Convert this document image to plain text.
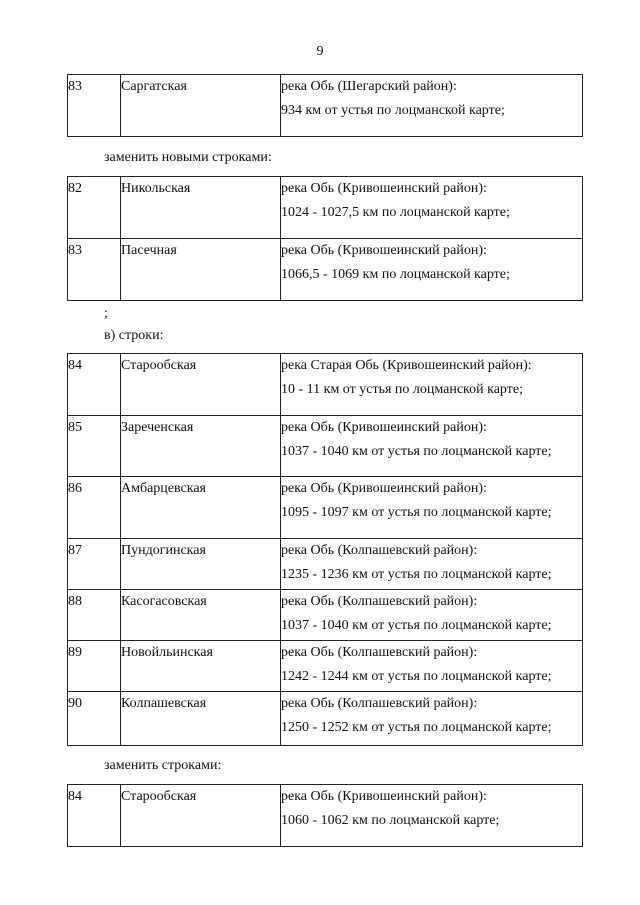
9
83	Саргатская	река Обь (Шегарский район):
934 км от устья по лоцманской карте;
заменить новыми строками:
82	Никольская	река Обь (Кривошеинский район):
1024 - 1027,5 км по лоцманской карте;

83	Пасечная	река Обь (Кривошеинский район):
1066,5 - 1069 км по лоцманской карте;
;
в) строки:
84	Старообская	река Старая Обь (Кривошеинский район):
10 - 11 км от устья по лоцманской карте;

85	Зареченская	река Обь (Кривошеинский район):
1037 - 1040 км от устья по лоцманской карте;

86	Амбарцевская	река Обь (Кривошеинский район):
1095 - 1097 км от устья по лоцманской карте;

87	Пундогинская	река Обь (Колпашевский район):
1235 - 1236 км от устья по лоцманской карте;

88	Касогасовская	река Обь (Колпашевский район):
1037 - 1040 км от устья по лоцманской карте;

89	Новойльинская	река Обь (Колпашевский район):
1242 - 1244 км от устья по лоцманской карте;

90	Колпашевская	река Обь (Колпашевский район):
1250 - 1252 км от устья по лоцманской карте;
заменить строками:
84	Старообская	река Обь (Кривошеинский район):
1060 - 1062 км по лоцманской карте;
